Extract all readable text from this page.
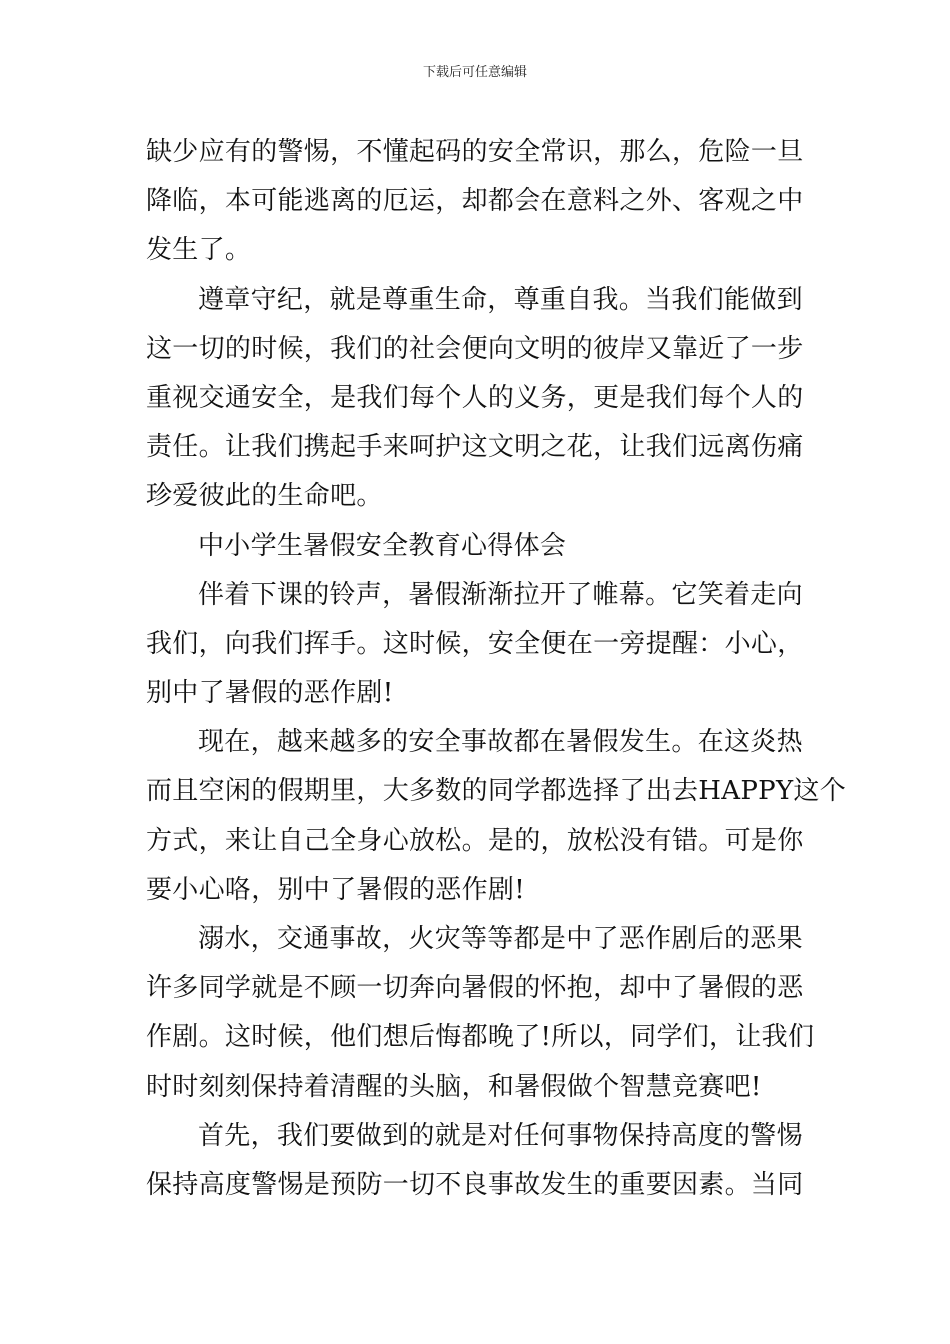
下载后可任意编辑
缺少应有的警惕，不懂起码的安全常识，那么，危险一旦
降临，本可能逃离的厄运，却都会在意料之外、客观之中
发生了。
遵章守纪，就是尊重生命，尊重自我。当我们能做到
这一切的时候，我们的社会便向文明的彼岸又靠近了一步
重视交通安全，是我们每个人的义务，更是我们每个人的
责任。让我们携起手来呵护这文明之花，让我们远离伤痛
珍爱彼此的生命吧。
中小学生暑假安全教育心得体会
伴着下课的铃声，暑假渐渐拉开了帷幕。它笑着走向
我们，向我们挥手。这时候，安全便在一旁提醒：小心，
别中了暑假的恶作剧!
现在，越来越多的安全事故都在暑假发生。在这炎热
而且空闲的假期里，大多数的同学都选择了出去HAPPY这个
方式，来让自己全身心放松。是的，放松没有错。可是你
要小心咯，别中了暑假的恶作剧!
溺水，交通事故，火灾等等都是中了恶作剧后的恶果
许多同学就是不顾一切奔向暑假的怀抱，却中了暑假的恶
作剧。这时候，他们想后悔都晚了!所以，同学们，让我们
时时刻刻保持着清醒的头脑，和暑假做个智慧竞赛吧!
首先，我们要做到的就是对任何事物保持高度的警惕
保持高度警惕是预防一切不良事故发生的重要因素。当同
